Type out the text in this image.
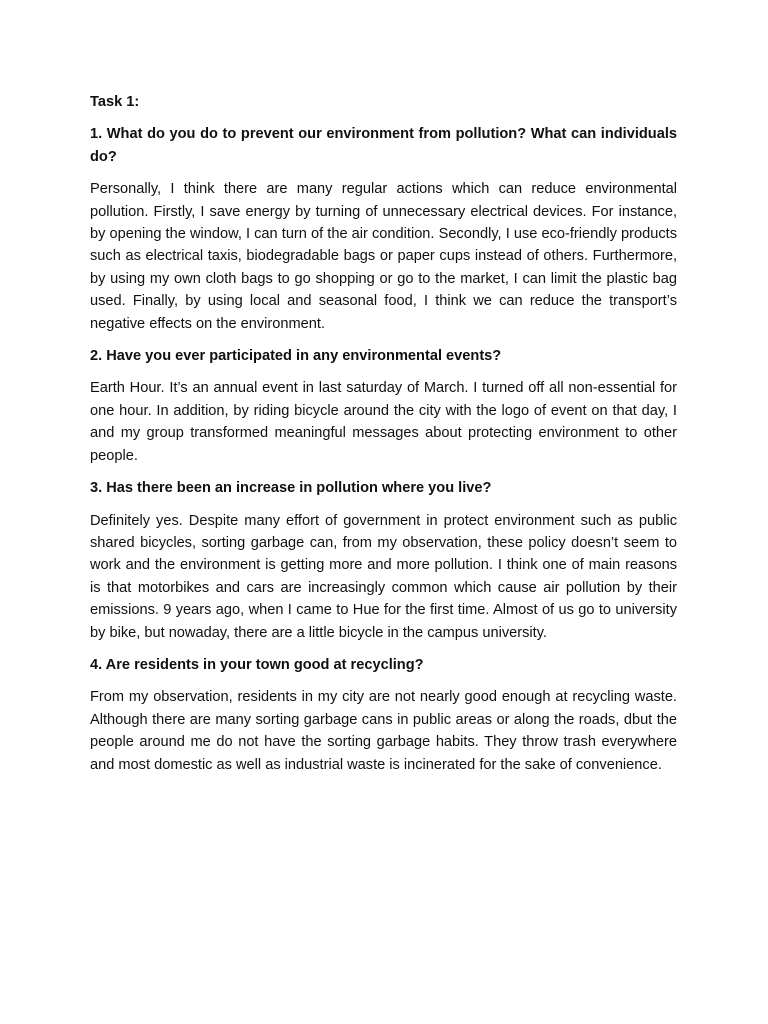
Task 1:

1. What do you do to prevent our environment from pollution? What can individuals do?

Personally, I think there are many regular actions which can reduce environmental pollution. Firstly, I save energy by turning of unnecessary electrical devices. For instance, by opening the window, I can turn of the air condition. Secondly, I use eco-friendly products such as electrical taxis, biodegradable bags or paper cups instead of others. Furthermore, by using my own cloth bags to go shopping or go to the market, I can limit the plastic bag used. Finally, by using local and seasonal food, I think we can reduce the transport’s negative effects on the environment.

2. Have you ever participated in any environmental events?

Earth Hour. It’s an annual event in last saturday of March. I turned off all non-essential for one hour. In addition, by riding bicycle around the city with the logo of event on that day, I and my group transformed meaningful messages about protecting environment to other people.

3. Has there been an increase in pollution where you live?

Definitely yes. Despite many effort of government in protect environment such as public shared bicycles, sorting garbage can, from my observation, these policy doesn’t seem to work and the environment is getting more and more pollution. I think one of main reasons is that motorbikes and cars are increasingly common which cause air pollution by their emissions. 9 years ago, when I came to Hue for the first time. Almost of us go to university by bike, but nowaday, there are a little bicycle in the campus university.

4. Are residents in your town good at recycling?

From my observation, residents in my city are not nearly good enough at recycling waste. Although there are many sorting garbage cans in public areas or along the roads, dbut the people around me do not have the sorting garbage habits. They throw trash everywhere and most domestic as well as industrial waste is incinerated for the sake of convenience.
